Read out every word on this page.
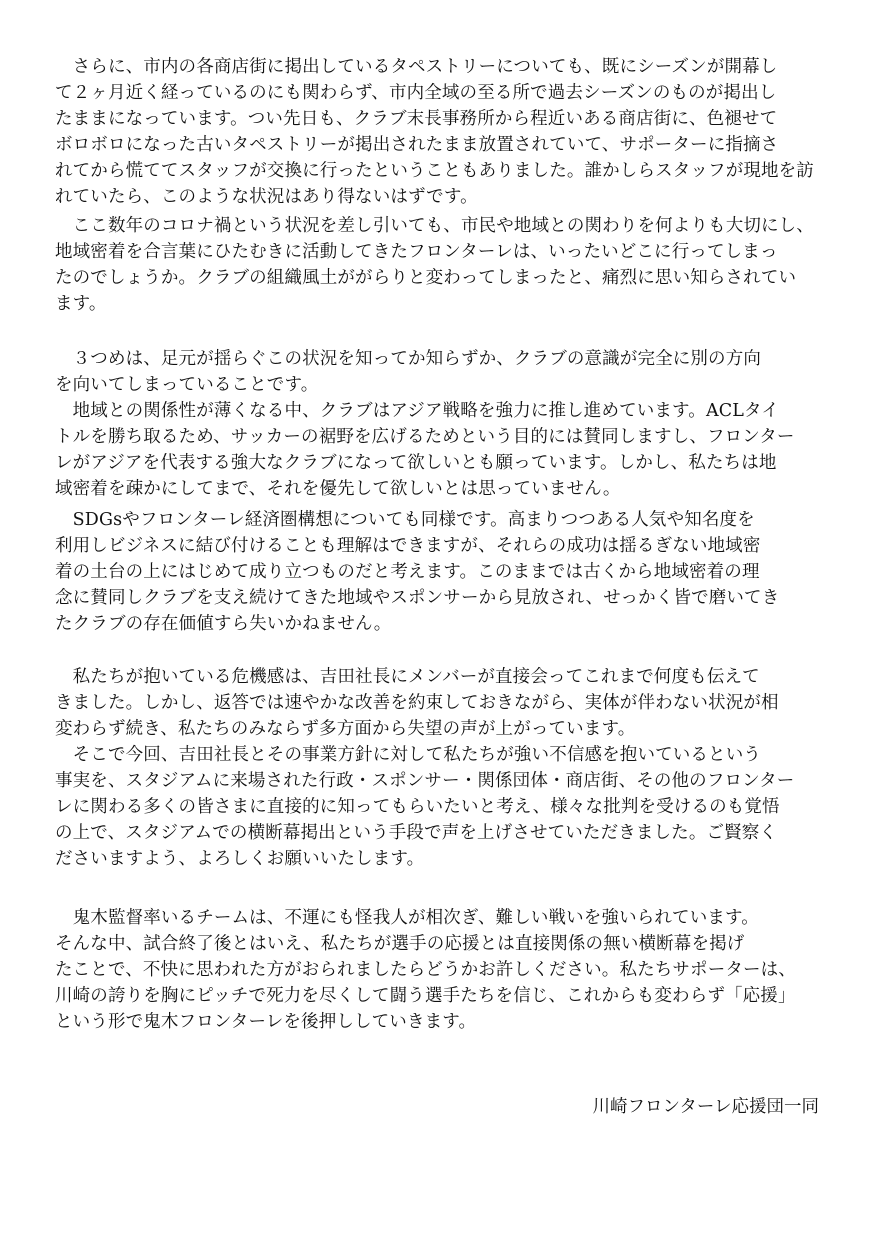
　さらに、市内の各商店街に掲出しているタペストリーについても、既にシーズンが開幕し
て２ヶ月近く経っているのにも関わらず、市内全域の至る所で過去シーズンのものが掲出し
たままになっています。つい先日も、クラブ末長事務所から程近いある商店街に、色褪せて
ボロボロになった古いタペストリーが掲出されたまま放置されていて、サポーターに指摘さ
れてから慌ててスタッフが交換に行ったということもありました。誰かしらスタッフが現地を訪
れていたら、このような状況はあり得ないはずです。
　ここ数年のコロナ禍という状況を差し引いても、市民や地域との関わりを何よりも大切にし、
地域密着を合言葉にひたむきに活動してきたフロンターレは、いったいどこに行ってしまっ
たのでしょうか。クラブの組織風土ががらりと変わってしまったと、痛烈に思い知らされてい
ます。
　３つめは、足元が揺らぐこの状況を知ってか知らずか、クラブの意識が完全に別の方向
を向いてしまっていることです。
　地域との関係性が薄くなる中、クラブはアジア戦略を強力に推し進めています。ACLタイ
トルを勝ち取るため、サッカーの裾野を広げるためという目的には賛同しますし、フロンター
レがアジアを代表する強大なクラブになって欲しいとも願っています。しかし、私たちは地
域密着を疎かにしてまで、それを優先して欲しいとは思っていません。
　SDGsやフロンターレ経済圏構想についても同様です。高まりつつある人気や知名度を
利用しビジネスに結び付けることも理解はできますが、それらの成功は揺るぎない地域密
着の土台の上にはじめて成り立つものだと考えます。このままでは古くから地域密着の理
念に賛同しクラブを支え続けてきた地域やスポンサーから見放され、せっかく皆で磨いてき
たクラブの存在価値すら失いかねません。
　私たちが抱いている危機感は、吉田社長にメンバーが直接会ってこれまで何度も伝えて
きました。しかし、返答では速やかな改善を約束しておきながら、実体が伴わない状況が相
変わらず続き、私たちのみならず多方面から失望の声が上がっています。
　そこで今回、吉田社長とその事業方針に対して私たちが強い不信感を抱いているという
事実を、スタジアムに来場された行政・スポンサー・関係団体・商店街、その他のフロンター
レに関わる多くの皆さまに直接的に知ってもらいたいと考え、様々な批判を受けるのも覚悟
の上で、スタジアムでの横断幕掲出という手段で声を上げさせていただきました。ご賢察く
ださいますよう、よろしくお願いいたします。
　鬼木監督率いるチームは、不運にも怪我人が相次ぎ、難しい戦いを強いられています。
そんな中、試合終了後とはいえ、私たちが選手の応援とは直接関係の無い横断幕を掲げ
たことで、不快に思われた方がおられましたらどうかお許しください。私たちサポーターは、
川崎の誇りを胸にピッチで死力を尽くして闘う選手たちを信じ、これからも変わらず「応援」
という形で鬼木フロンターレを後押ししていきます。
川崎フロンターレ応援団一同
